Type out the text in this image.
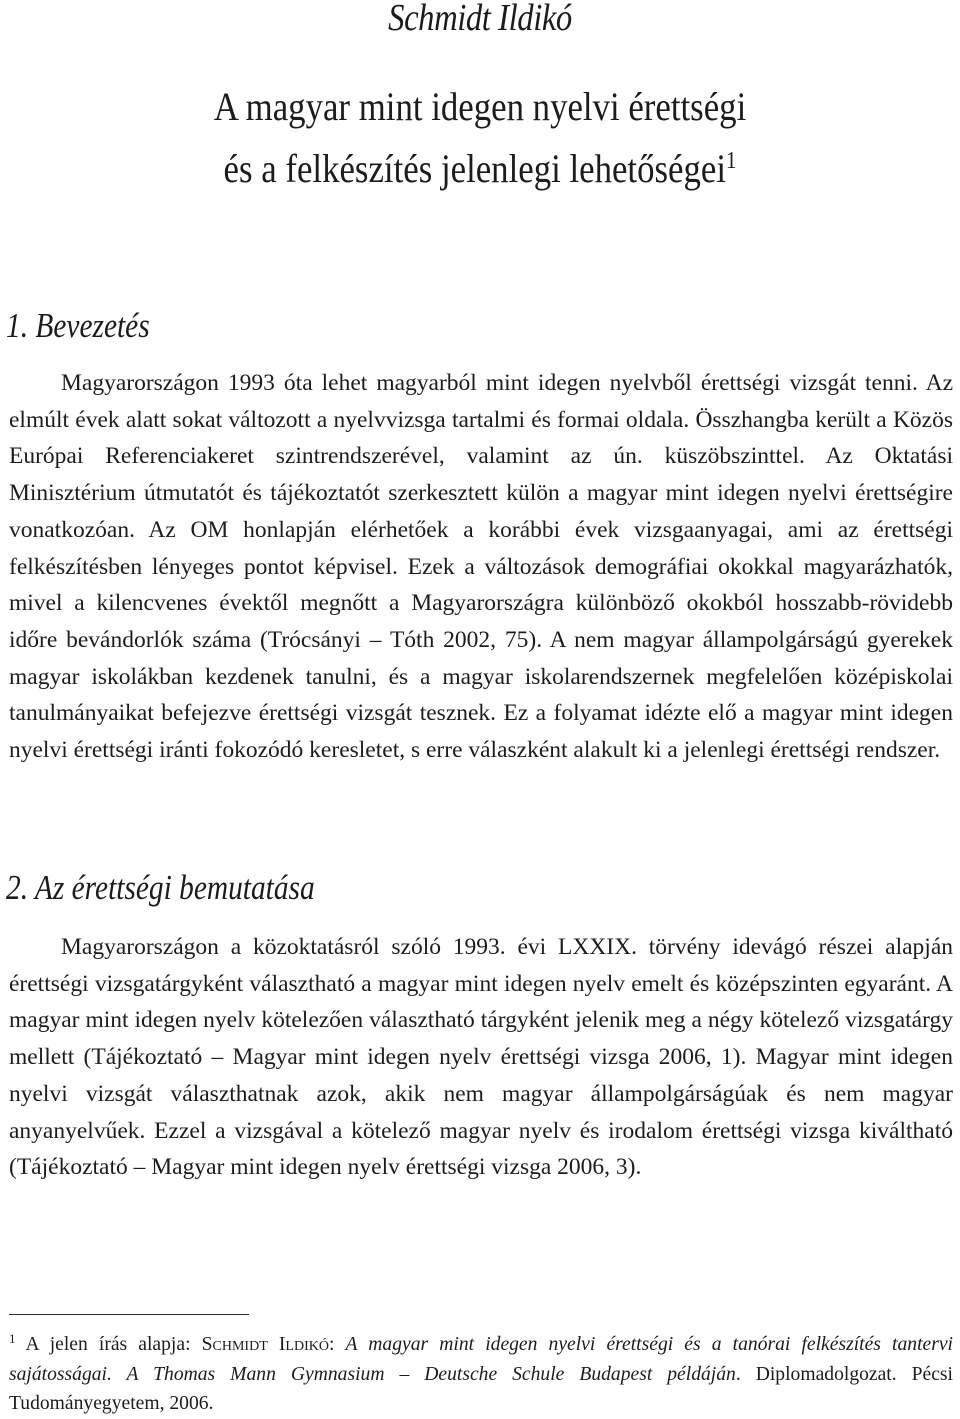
Schmidt Ildikó
A magyar mint idegen nyelvi érettségi
és a felkészítés jelenlegi lehetőségei$^1$
1. Bevezetés

Magyarországon 1993 óta lehet magyarból mint idegen nyelvből érettségi vizsgát tenni. Az elmúlt évek alatt sokat változott a nyelvvizsga tartalmi és formai oldala. Összhangba került a Közös Európai Referenciakeret szintrendszerével, valamint az ún. küszöbszinttel. Az Oktatási Minisztérium útmutatót és tájékoztatót szerkesztett külön a magyar mint idegen nyelvi érettségire vonatkozóan. Az OM honlapján elérhetőek a korábbi évek vizsgaanyagai, ami az érettségi felkészítésben lényeges pontot képvisel. Ezek a változások demográfiai okokkal magyarázhatók, mivel a kilencvenes évektől megnőtt a Magyarországra különböző okokból hosszabb-rövidebb időre bevándorlók száma (Trócsányi – Tóth 2002, 75). A nem magyar állampolgárságú gyerekek magyar iskolákban kezdenek tanulni, és a magyar iskolarendszernek megfelelően középiskolai tanulmányaikat befejezve érettségi vizsgát tesznek. Ez a folyamat idézte elő a magyar mint idegen nyelvi érettségi iránti fokozódó keresletet, s erre válaszként alakult ki a jelenlegi érettségi rendszer.

2. Az érettségi bemutatása

Magyarországon a közoktatásról szóló 1993. évi LXXIX. törvény idevágó részei alapján érettségi vizsgatárgyként választható a magyar mint idegen nyelv emelt és középszinten egyaránt. A magyar mint idegen nyelv kötelezően választható tárgyként jelenik meg a négy kötelező vizsgatárgy mellett (Tájékoztató – Magyar mint idegen nyelv érettségi vizsga 2006, 1). Magyar mint idegen nyelvi vizsgát választhatnak azok, akik nem magyar állampolgárságúak és nem magyar anyanyelvűek. Ezzel a vizsgával a kötelező magyar nyelv és irodalom érettségi vizsga kiváltható (Tájékoztató – Magyar mint idegen nyelv érettségi vizsga 2006, 3).

$^1$ A jelen írás alapja: Schmidt Ildikó: A magyar mint idegen nyelvi érettségi és a tanórai felkészítés tantervi sajátosságai. A Thomas Mann Gymnasium – Deutsche Schule Budapest példáján. Diplomadolgozat. Pécsi Tudományegyetem, 2006.
